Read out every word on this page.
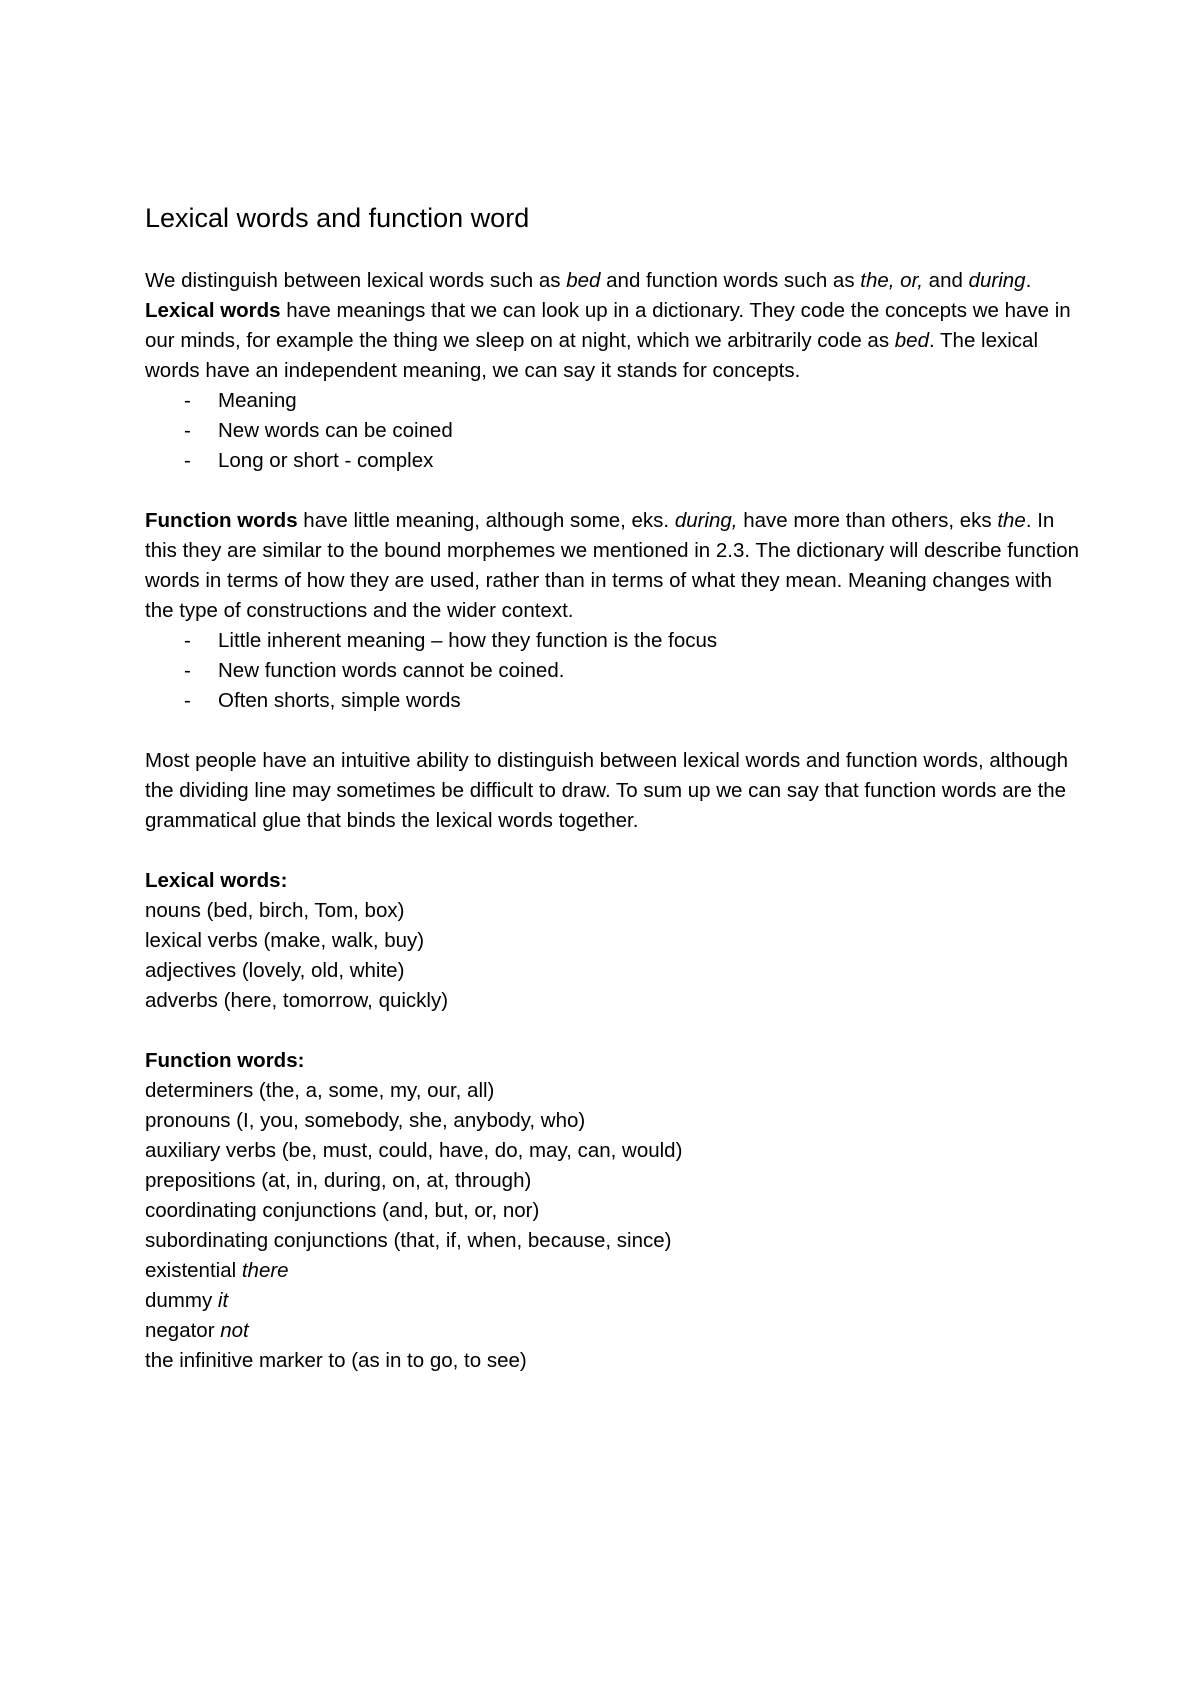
Lexical words and function word

We distinguish between lexical words such as bed and function words such as the, or, and during. Lexical words have meanings that we can look up in a dictionary. They code the concepts we have in our minds, for example the thing we sleep on at night, which we arbitrarily code as bed. The lexical words have an independent meaning, we can say it stands for concepts.

- Meaning
- New words can be coined
- Long or short - complex

Function words have little meaning, although some, eks. during, have more than others, eks the. In this they are similar to the bound morphemes we mentioned in 2.3. The dictionary will describe function words in terms of how they are used, rather than in terms of what they mean. Meaning changes with the type of constructions and the wider context.

- Little inherent meaning – how they function is the focus
- New function words cannot be coined.
- Often shorts, simple words

Most people have an intuitive ability to distinguish between lexical words and function words, although the dividing line may sometimes be difficult to draw. To sum up we can say that function words are the grammatical glue that binds the lexical words together.

Lexical words:

nouns (bed, birch, Tom, box)

lexical verbs (make, walk, buy)

adjectives (lovely, old, white)

adverbs (here, tomorrow, quickly)

Function words:

determiners (the, a, some, my, our, all)

pronouns (I, you, somebody, she, anybody, who)

auxiliary verbs (be, must, could, have, do, may, can, would)

prepositions (at, in, during, on, at, through)

coordinating conjunctions (and, but, or, nor)

subordinating conjunctions (that, if, when, because, since)

existential there

dummy it

negator not

the infinitive marker to (as in to go, to see)
